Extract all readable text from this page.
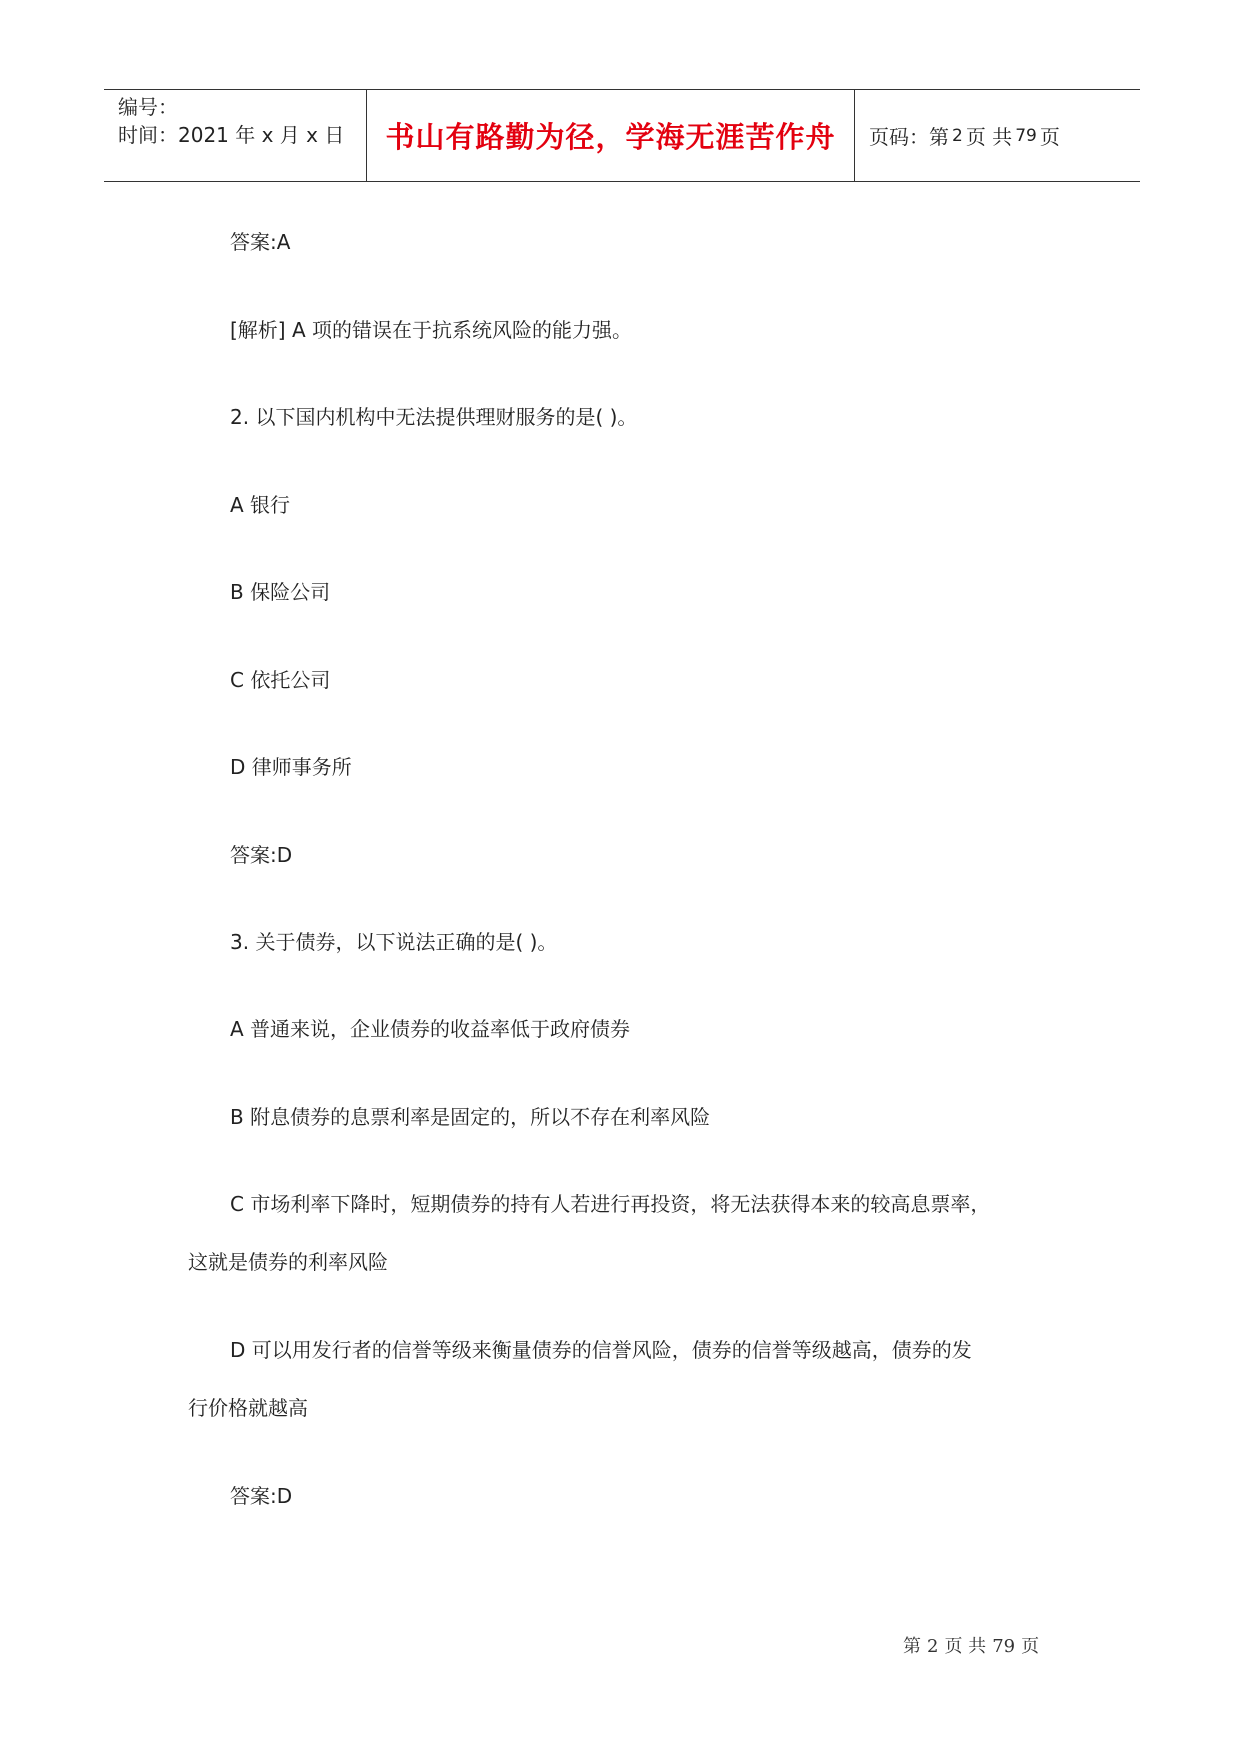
编号：
时间：2021 年 x 月 x 日	书山有路勤为径，学海无涯苦作舟	页码：第 2 页 共 79 页
答案:A
[解析] A 项的错误在于抗系统风险的能力强。
2. 以下国内机构中无法提供理财服务的是( )。
A 银行
B 保险公司
C 依托公司
D 律师事务所
答案:D
3. 关于债券，以下说法正确的是( )。
A 普通来说，企业债券的收益率低于政府债券
B 附息债券的息票利率是固定的，所以不存在利率风险
C 市场利率下降时，短期债券的持有人若进行再投资，将无法获得本来的较高息票率，
这就是债券的利率风险
D 可以用发行者的信誉等级来衡量债券的信誉风险，债券的信誉等级越高，债券的发
行价格就越高
答案:D
第 2 页 共 79 页
